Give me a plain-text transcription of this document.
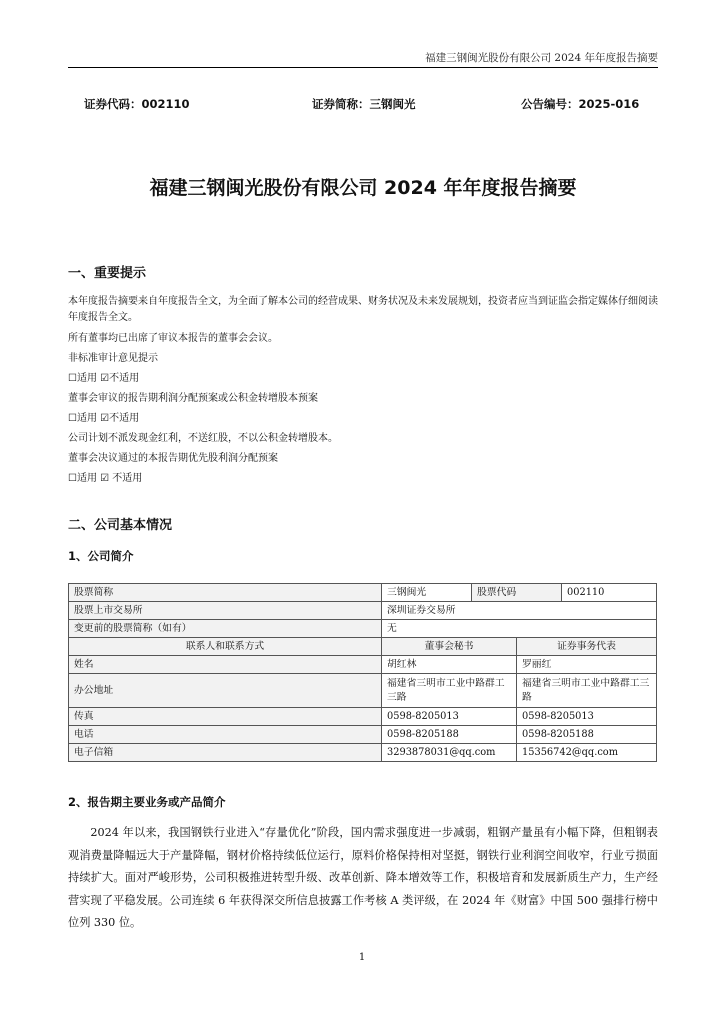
福建三钢闽光股份有限公司 2024 年年度报告摘要
证券代码：002110	证券简称：三钢闽光	公告编号：2025-016
福建三钢闽光股份有限公司 2024 年年度报告摘要
一、重要提示

本年度报告摘要来自年度报告全文，为全面了解本公司的经营成果、财务状况及未来发展规划，投资者应当到证监会指定媒体仔细阅读年度报告全文。

所有董事均已出席了审议本报告的董事会会议。

非标准审计意见提示

☐适用 ☑不适用

董事会审议的报告期利润分配预案或公积金转增股本预案

☐适用 ☑不适用

公司计划不派发现金红利，不送红股，不以公积金转增股本。

董事会决议通过的本报告期优先股利润分配预案

☐适用 ☑ 不适用

二、公司基本情况
1、公司简介
股票简称	三钢闽光	股票代码		002110
股票上市交易所	深圳证券交易所			
变更前的股票简称（如有）	无			
联系人和联系方式	董事会秘书		证券事务代表	
姓名	胡红林		罗丽红	
办公地址	福建省三明市工业中路群工三路		福建省三明市工业中路群工三路	
传真	0598-8205013		0598-8205013	
电话	0598-8205188		0598-8205188	
电子信箱	3293878031@qq.com		15356742@qq.com	
2、报告期主要业务或产品简介
2024 年以来，我国钢铁行业进入“存量优化”阶段，国内需求强度进一步减弱，粗钢产量虽有小幅下降，但粗钢表观消费量降幅远大于产量降幅，钢材价格持续低位运行，原料价格保持相对坚挺，钢铁行业利润空间收窄，行业亏损面持续扩大。面对严峻形势，公司积极推进转型升级、改革创新、降本增效等工作，积极培育和发展新质生产力，生产经营实现了平稳发展。公司连续 6 年获得深交所信息披露工作考核 A 类评级，在 2024 年《财富》中国 500 强排行榜中位列 330 位。
1
